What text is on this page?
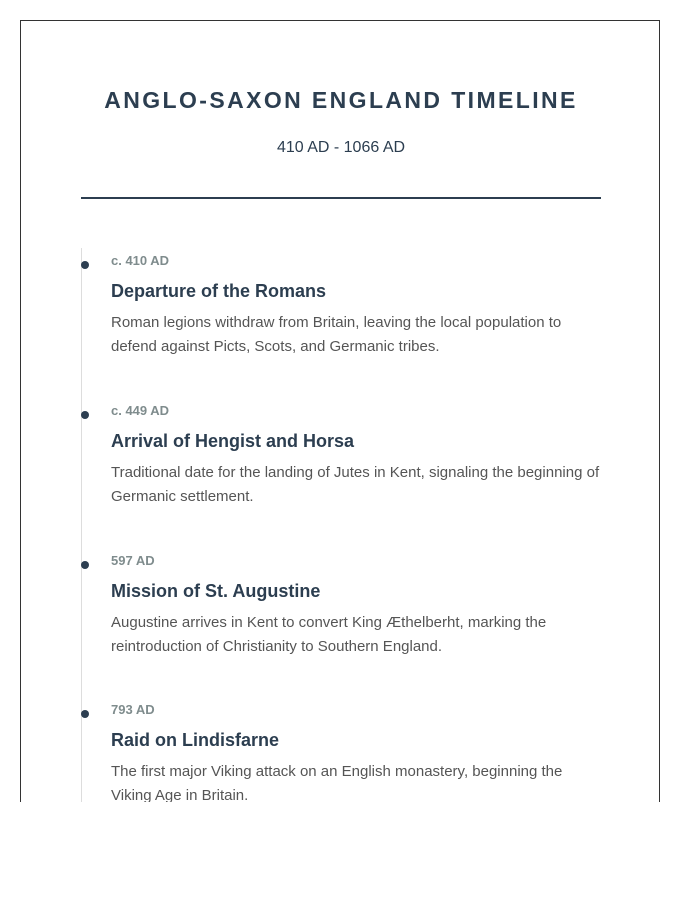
ANGLO-SAXON ENGLAND TIMELINE
410 AD - 1066 AD
c. 410 AD
Departure of the Romans

Roman legions withdraw from Britain, leaving the local population to defend against Picts, Scots, and Germanic tribes.

c. 449 AD
Arrival of Hengist and Horsa

Traditional date for the landing of Jutes in Kent, signaling the beginning of Germanic settlement.

597 AD
Mission of St. Augustine

Augustine arrives in Kent to convert King Æthelberht, marking the reintroduction of Christianity to Southern England.

793 AD
Raid on Lindisfarne

The first major Viking attack on an English monastery, beginning the Viking Age in Britain.
